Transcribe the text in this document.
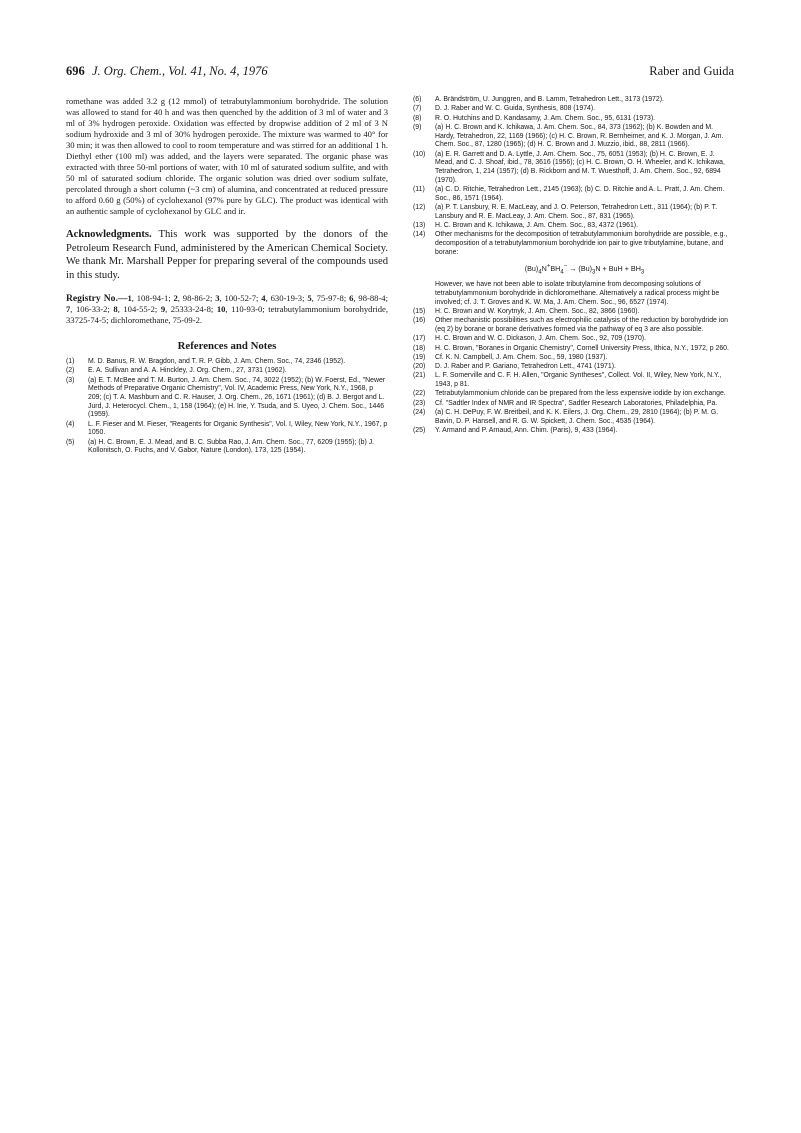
696 J. Org. Chem., Vol. 41, No. 4, 1976	Raber and Guida

romethane was added 3.2 g (12 mmol) of tetrabutylammonium borohydride. The solution was allowed to stand for 40 h and was then quenched by the addition of 3 ml of water and 3 ml of 3% hydrogen peroxide. Oxidation was effected by dropwise addition of 2 ml of 3 N sodium hydroxide and 3 ml of 30% hydrogen peroxide. The mixture was warmed to 40° for 30 min; it was then allowed to cool to room temperature and was stirred for an additional 1 h. Diethyl ether (100 ml) was added, and the layers were separated. The organic phase was extracted with three 50-ml portions of water, with 10 ml of saturated sodium sulfite, and with 50 ml of saturated sodium chloride. The organic solution was dried over sodium sulfate, percolated through a short column (~3 cm) of alumina, and concentrated at reduced pressure to afford 0.60 g (50%) of cyclohexanol (97% pure by GLC). The product was identical with an authentic sample of cyclohexanol by GLC and ir.

Acknowledgments. This work was supported by the donors of the Petroleum Research Fund, administered by the American Chemical Society. We thank Mr. Marshall Pepper for preparing several of the compounds used in this study.
Registry No.—1, 108-94-1; 2, 98-86-2; 3, 100-52-7; 4, 630-19-3; 5, 75-97-8; 6, 98-88-4; 7, 106-33-2; 8, 104-55-2; 9, 25333-24-8; 10, 110-93-0; tetrabutylammonium borohydride, 33725-74-5; dichloromethane, 75-09-2.
References and Notes
(1) M. D. Banus, R. W. Bragdon, and T. R. P. Gibb, J. Am. Chem. Soc., 74, 2346 (1952).
(2) E. A. Sullivan and A. A. Hinckley, J. Org. Chem., 27, 3731 (1962).
(3) (a) E. T. McBee and T. M. Burton, J. Am. Chem. Soc., 74, 3022 (1952); (b) W. Foerst, Ed., "Newer Methods of Preparative Organic Chemistry", Vol. IV, Academic Press, New York, N.Y., 1968, p 209; (c) T. A. Mashburn and C. R. Hauser, J. Org. Chem., 26, 1671 (1961); (d) B. J. Bergot and L. Jurd, J. Heterocycl. Chem., 1, 158 (1964); (e) H. Irie, Y. Tsuda, and S. Uyeo, J. Chem. Soc., 1446 (1959).
(4) L. F. Fieser and M. Fieser, "Reagents for Organic Synthesis", Vol. I, Wiley, New York, N.Y., 1967, p 1050.
(5) (a) H. C. Brown, E. J. Mead, and B. C. Subba Rao, J. Am. Chem. Soc., 77, 6209 (1955); (b) J. Kollonitsch, O. Fuchs, and V. Gabor, Nature (London), 173, 125 (1954).
(6) A. Brändström, U. Junggren, and B. Lamm, Tetrahedron Lett., 3173 (1972).
(7) D. J. Raber and W. C. Guida, Synthesis, 808 (1974).
(8) R. O. Hutchins and D. Kandasamy, J. Am. Chem. Soc., 95, 6131 (1973).
(9) (a) H. C. Brown and K. Ichikawa, J. Am. Chem. Soc., 84, 373 (1962); (b) K. Bowden and M. Hardy, Tetrahedron, 22, 1169 (1966); (c) H. C. Brown, R. Bernheimer, and K. J. Morgan, J. Am. Chem. Soc., 87, 1280 (1965); (d) H. C. Brown and J. Muzzio, ibid., 88, 2811 (1966).
(10) (a) E. R. Garrett and D. A. Lyttle, J. Am. Chem. Soc., 75, 6051 (1953); (b) H. C. Brown, E. J. Mead, and C. J. Shoaf, ibid., 78, 3616 (1956); (c) H. C. Brown, O. H. Wheeler, and K. Ichikawa, Tetrahedron, 1, 214 (1957); (d) B. Rickborn and M. T. Wuesthoff, J. Am. Chem. Soc., 92, 6894 (1970).
(11) (a) C. D. Ritchie, Tetrahedron Lett., 2145 (1963); (b) C. D. Ritchie and A. L. Pratt, J. Am. Chem. Soc., 86, 1571 (1964).
(12) (a) P. T. Lansbury, R. E. MacLeay, and J. O. Peterson, Tetrahedron Lett., 311 (1964); (b) P. T. Lansbury and R. E. MacLeay, J. Am. Chem. Soc., 87, 831 (1965).
(13) H. C. Brown and K. Ichikawa, J. Am. Chem. Soc., 83, 4372 (1961).
(14) Other mechanisms for the decomposition of tetrabutylammonium borohydride are possible, e.g., decomposition of a tetrabutylammonium borohydride ion pair to give tributylamine, butane, and borane:
$(Bu)_4N^+BH_4^- \to (Bu)_3N$ + BuH + $BH_3$
However, we have not been able to isolate tributylamine from decomposing solutions of tetrabutylammonium borohydride in dichloromethane. Alternatively a radical process might be involved; cf. J. T. Groves and K. W. Ma, J. Am. Chem. Soc., 96, 6527 (1974).
(15) H. C. Brown and W. Korytnyk, J. Am. Chem. Soc., 82, 3866 (1960).
(16) Other mechanistic possibilities such as electrophilic catalysis of the reduction by borohydride ion (eq 2) by borane or borane derivatives formed via the pathway of eq 3 are also possible.
(17) H. C. Brown and W. C. Dickason, J. Am. Chem. Soc., 92, 709 (1970).
(18) H. C. Brown, "Boranes in Organic Chemistry", Cornell University Press, Ithica, N.Y., 1972, p 260.
(19) Cf. K. N. Campbell, J. Am. Chem. Soc., 59, 1980 (1937).
(20) D. J. Raber and P. Gariano, Tetrahedron Lett., 4741 (1971).
(21) L. F. Somerville and C. F. H. Allen, "Organic Syntheses", Collect. Vol. II, Wiley, New York, N.Y., 1943, p 81.
(22) Tetrabutylammonium chloride can be prepared from the less expensive iodide by ion exchange.
(23) Cf. "Sadtler Index of NMR and IR Spectra", Sadtler Research Laboratories, Philadelphia, Pa.
(24) (a) C. H. DePuy, F. W. Breitbeil, and K. K. Eilers, J. Org. Chem., 29, 2810 (1964); (b) P. M. G. Bavin, D. P. Hansell, and R. G. W. Spickett, J. Chem. Soc., 4535 (1964).
(25) Y. Armand and P. Arnaud, Ann. Chim. (Paris), 9, 433 (1964).
